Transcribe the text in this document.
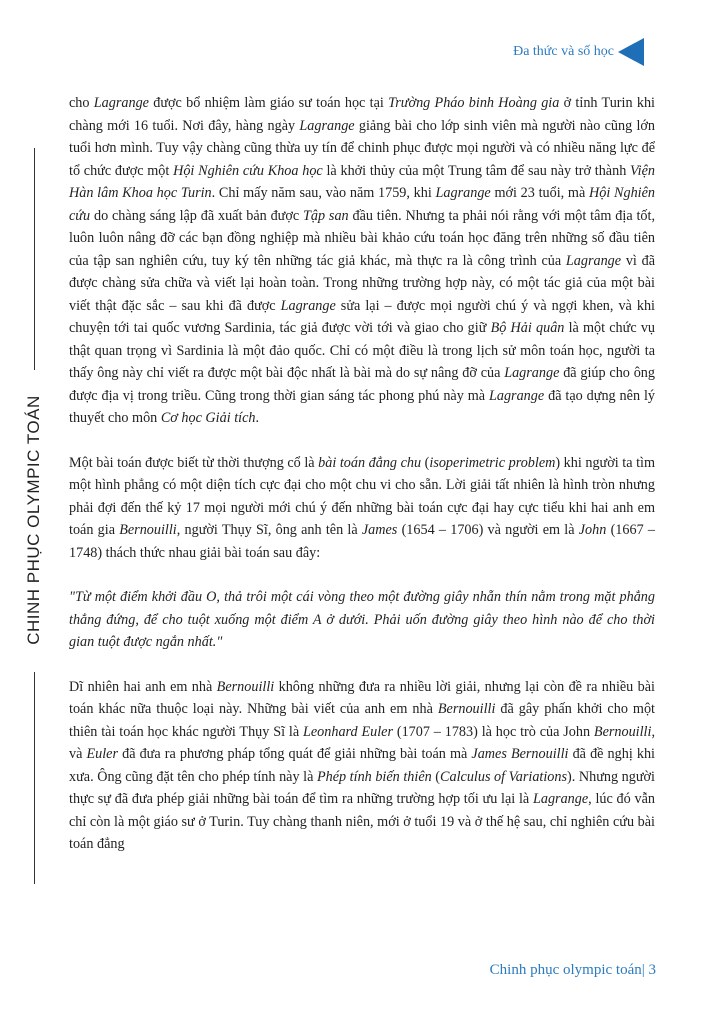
Đa thức và số học
CHINH PHỤC OLYMPIC TOÁN

cho Lagrange được bổ nhiệm làm giáo sư toán học tại Trường Pháo binh Hoàng gia ở tỉnh Turin khi chàng mới 16 tuổi. Nơi đây, hàng ngày Lagrange giảng bài cho lớp sinh viên mà người nào cũng lớn tuổi hơn mình. Tuy vậy chàng cũng thừa uy tín để chinh phục được mọi người và có nhiều năng lực để tổ chức được một Hội Nghiên cứu Khoa học là khởi thủy của một Trung tâm để sau này trở thành Viện Hàn lâm Khoa học Turin. Chỉ mấy năm sau, vào năm 1759, khi Lagrange mới 23 tuổi, mà Hội Nghiên cứu do chàng sáng lập đã xuất bản được Tập san đầu tiên. Nhưng ta phải nói rằng với một tâm địa tốt, luôn luôn nâng đỡ các bạn đồng nghiệp mà nhiều bài khảo cứu toán học đăng trên những số đầu tiên của tập san nghiên cứu, tuy ký tên những tác giả khác, mà thực ra là công trình của Lagrange vì đã được chàng sửa chữa và viết lại hoàn toàn. Trong những trường hợp này, có một tác giả của một bài viết thật đặc sắc – sau khi đã được Lagrange sửa lại – được mọi người chú ý và ngợi khen, và khi chuyện tới tai quốc vương Sardinia, tác giả được vời tới và giao cho giữ Bộ Hải quân là một chức vụ thật quan trọng vì Sardinia là một đảo quốc. Chỉ có một điều là trong lịch sử môn toán học, người ta thấy ông này chỉ viết ra được một bài độc nhất là bài mà do sự nâng đỡ của Lagrange đã giúp cho ông được địa vị trong triều. Cũng trong thời gian sáng tác phong phú này mà Lagrange đã tạo dựng nên lý thuyết cho môn Cơ học Giải tích.

Một bài toán được biết từ thời thượng cổ là bài toán đẳng chu (isoperimetric problem) khi người ta tìm một hình phẳng có một diện tích cực đại cho một chu vi cho sẵn. Lời giải tất nhiên là hình tròn nhưng phải đợi đến thế kỷ 17 mọi người mới chú ý đến những bài toán cực đại hay cực tiểu khi hai anh em toán gia Bernouilli, người Thụy Sĩ, ông anh tên là James (1654 – 1706) và người em là John (1667 – 1748) thách thức nhau giải bài toán sau đây:

"Từ một điểm khởi đầu O, thả trôi một cái vòng theo một đường giây nhẵn thín nằm trong mặt phẳng thẳng đứng, để cho tuột xuống một điểm A ở dưới. Phải uốn đường giây theo hình nào để cho thời gian tuột được ngắn nhất."

Dĩ nhiên hai anh em nhà Bernouilli không những đưa ra nhiều lời giải, nhưng lại còn đề ra nhiều bài toán khác nữa thuộc loại này. Những bài viết của anh em nhà Bernouilli đã gây phấn khởi cho một thiên tài toán học khác người Thụy Sĩ là Leonhard Euler (1707 – 1783) là học trò của John Bernouilli, và Euler đã đưa ra phương pháp tổng quát để giải những bài toán mà James Bernouilli đã đề nghị khi xưa. Ông cũng đặt tên cho phép tính này là Phép tính biến thiên (Calculus of Variations). Nhưng người thực sự đã đưa phép giải những bài toán để tìm ra những trường hợp tối ưu lại là Lagrange, lúc đó vẫn chỉ còn là một giáo sư ở Turin. Tuy chàng thanh niên, mới ở tuổi 19 và ở thế hệ sau, chỉ nghiên cứu bài toán đẳng

Chinh phục olympic toán| 3
